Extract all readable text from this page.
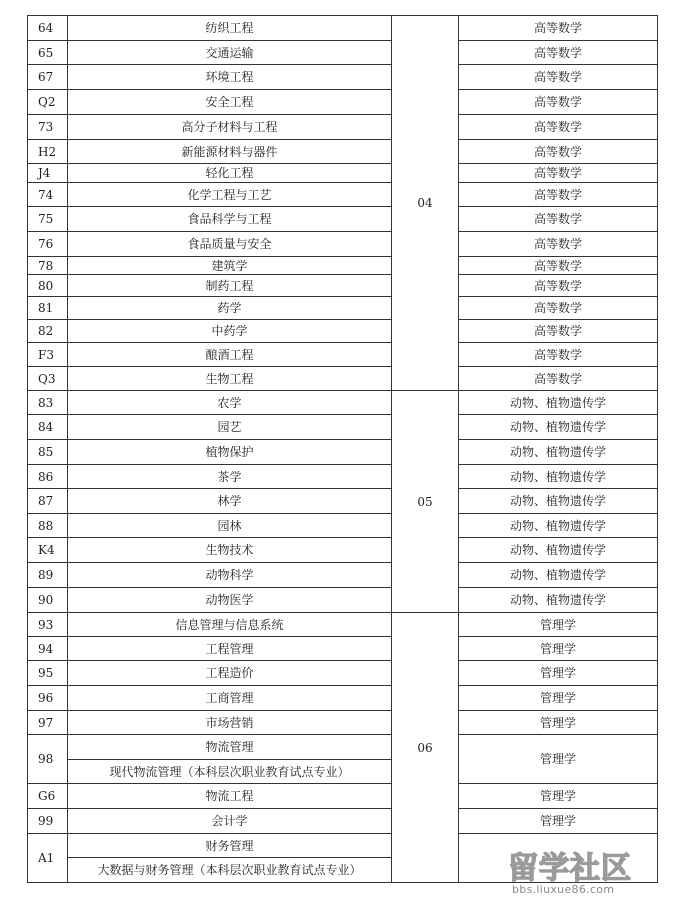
64	纺织工程	04	高等数学
65	交通运输		高等数学
67	环境工程		高等数学
Q2	安全工程		高等数学
73	高分子材料与工程		高等数学
H2	新能源材料与器件		高等数学
J4	轻化工程		高等数学
74	化学工程与工艺		高等数学
75	食品科学与工程		高等数学
76	食品质量与安全		高等数学
78	建筑学		高等数学
80	制药工程		高等数学
81	药学		高等数学
82	中药学		高等数学
F3	酿酒工程		高等数学
Q3	生物工程		高等数学
83	农学	05	动物、植物遗传学
84	园艺		动物、植物遗传学
85	植物保护		动物、植物遗传学
86	茶学		动物、植物遗传学
87	林学		动物、植物遗传学
88	园林		动物、植物遗传学
K4	生物技术		动物、植物遗传学
89	动物科学		动物、植物遗传学
90	动物医学		动物、植物遗传学
93	信息管理与信息系统	06	管理学
94	工程管理		管理学
95	工程造价		管理学
96	工商管理		管理学
97	市场营销		管理学
98	物流管理		管理学
	现代物流管理（本科层次职业教育试点专业）		
G6	物流工程		管理学
99	会计学		管理学
A1	财务管理		
	大数据与财务管理（本科层次职业教育试点专业）			留学社区
bbs.liuxue86.com
